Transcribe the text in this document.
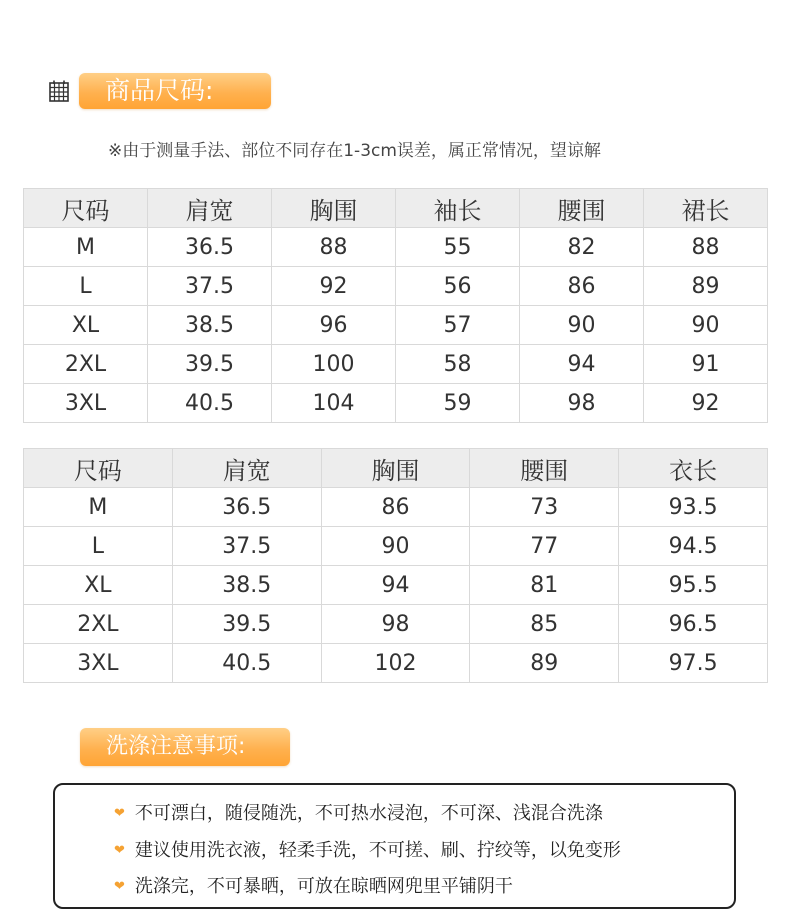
商品尺码:
※由于测量手法、部位不同存在1-3cm误差，属正常情况，望谅解
尺码	肩宽	胸围	袖长	腰围	裙长
M	36.5	88	55	82	88
L	37.5	92	56	86	89
XL	38.5	96	57	90	90
2XL	39.5	100	58	94	91
3XL	40.5	104	59	98	92
尺码	肩宽	胸围	腰围	衣长
M	36.5	86	73	93.5
L	37.5	90	77	94.5
XL	38.5	94	81	95.5
2XL	39.5	98	85	96.5
3XL	40.5	102	89	97.5
洗涤注意事项:
❤ 不可漂白，随侵随洗，不可热水浸泡，不可深、浅混合洗涤
❤ 建议使用洗衣液，轻柔手洗，不可搓、刷、拧绞等，以免变形
❤ 洗涤完，不可暴晒，可放在晾晒网兜里平铺阴干
